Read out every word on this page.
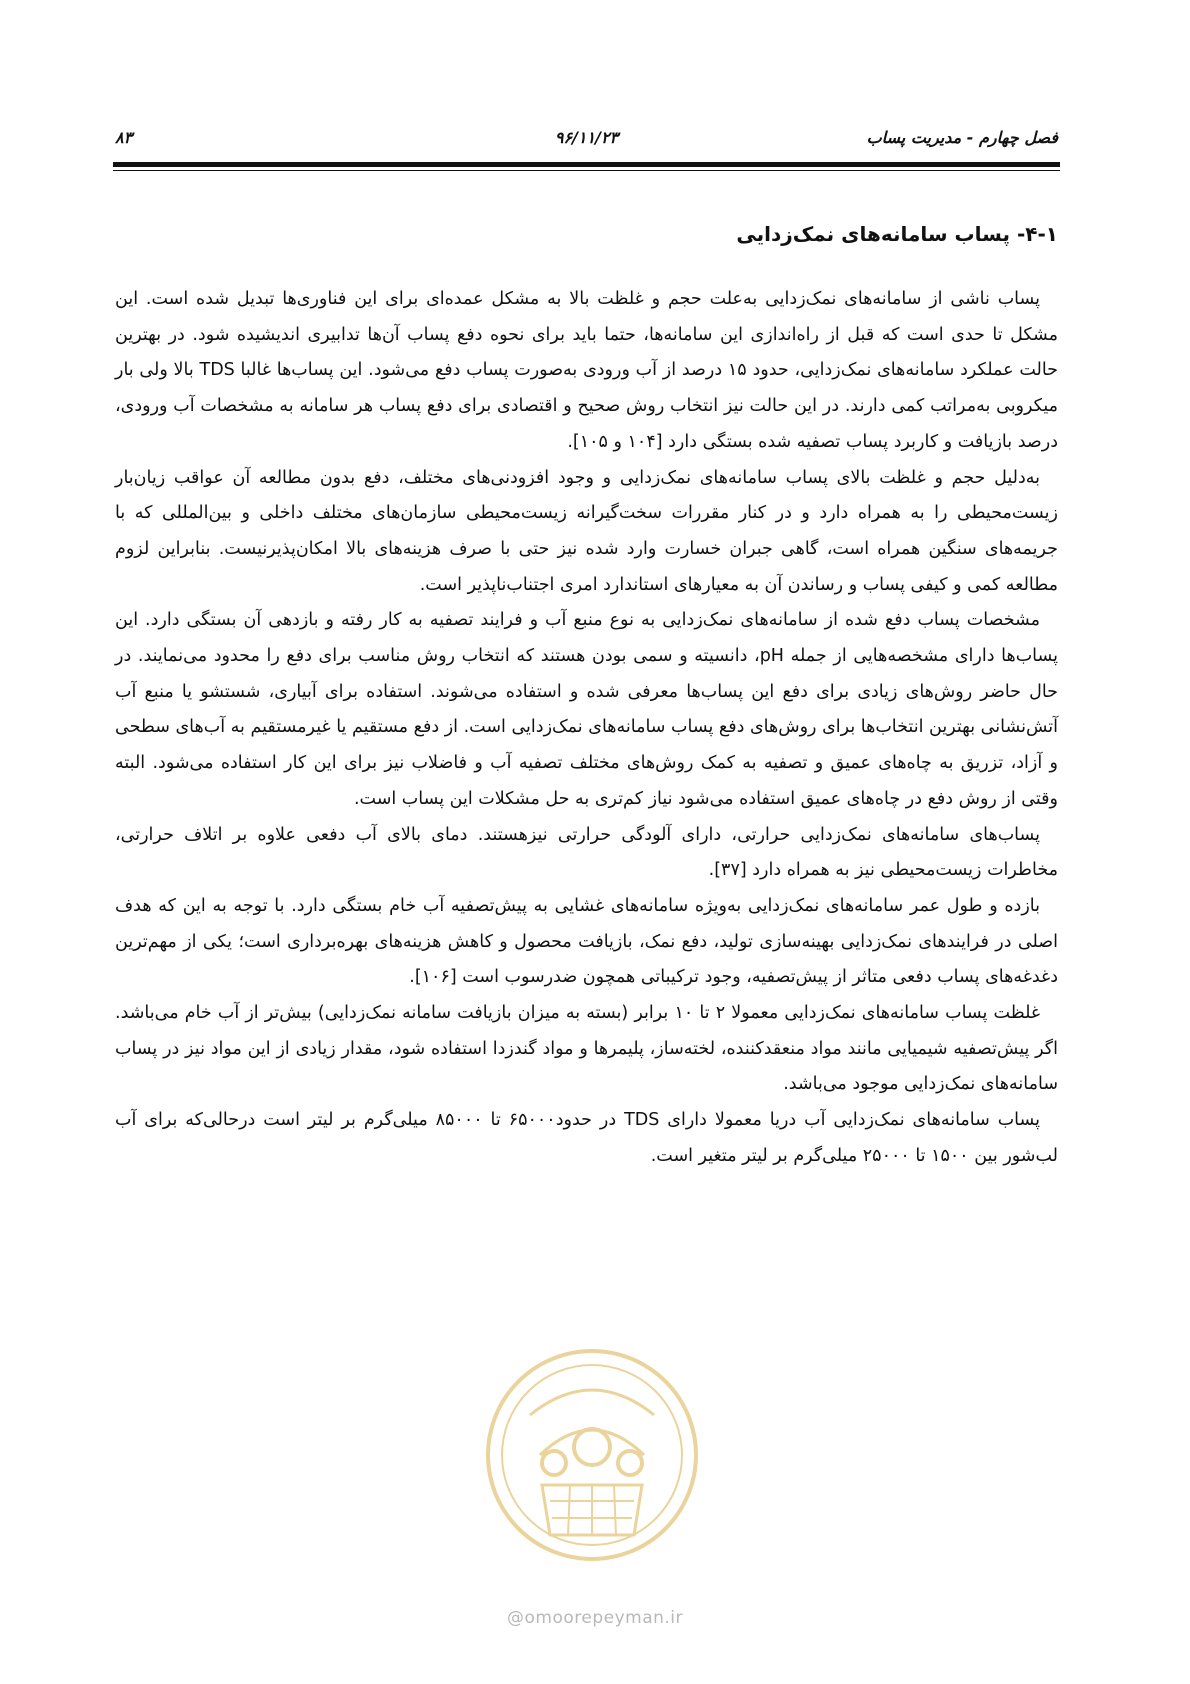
۸۳	۹۶/۱۱/۲۳	فصل چهارم - مدیریت پساب
۴-۱- پساب سامانه‌های نمک‌زدایی

پساب ناشی از سامانه‌های نمک‌زدایی به‌علت حجم و غلظت بالا به مشکل عمده‌ای برای این فناوری‌ها تبدیل شده است. این مشکل تا حدی است که قبل از راه‌اندازی این سامانه‌ها، حتما باید برای نحوه دفع پساب آن‌ها تدابیری اندیشیده شود. در بهترین حالت عملکرد سامانه‌های نمک‌زدایی، حدود ۱۵ درصد از آب ورودی به‌صورت پساب دفع می‌شود. این پساب‌ها غالبا TDS بالا ولی بار میکروبی به‌مراتب کمی دارند. در این حالت نیز انتخاب روش صحیح و اقتصادی برای دفع پساب هر سامانه به مشخصات آب ورودی، درصد بازیافت و کاربرد پساب تصفیه شده بستگی دارد [۱۰۴ و ۱۰۵].

به‌دلیل حجم و غلظت بالای پساب سامانه‌های نمک‌زدایی و وجود افزودنی‌های مختلف، دفع بدون مطالعه آن عواقب زیان‌بار زیست‌محیطی را به همراه دارد و در کنار مقررات سخت‌گیرانه زیست‌محیطی سازمان‌های مختلف داخلی و بین‌المللی که با جریمه‌های سنگین همراه است، گاهی جبران خسارت وارد شده نیز حتی با صرف هزینه‌های بالا امکان‌پذیرنیست. بنابراین لزوم مطالعه کمی و کیفی پساب و رساندن آن به معیارهای استاندارد امری اجتناب‌ناپذیر است.

مشخصات پساب دفع شده از سامانه‌های نمک‌زدایی به نوع منبع آب و فرایند تصفیه به کار رفته و بازدهی آن بستگی دارد. این پساب‌ها دارای مشخصه‌هایی از جمله pH، دانسیته و سمی بودن هستند که انتخاب روش مناسب برای دفع را محدود می‌نمایند. در حال حاضر روش‌های زیادی برای دفع این پساب‌ها معرفی شده و استفاده می‌شوند. استفاده برای آبیاری، شستشو یا منبع آب آتش‌نشانی بهترین انتخاب‌ها برای روش‌های دفع پساب سامانه‌های نمک‌زدایی است. از دفع مستقیم یا غیرمستقیم به آب‌های سطحی و آزاد، تزریق به چاه‌های عمیق و تصفیه به کمک روش‌های مختلف تصفیه آب و فاضلاب نیز برای این کار استفاده می‌شود. البته وقتی از روش دفع در چاه‌های عمیق استفاده می‌شود نیاز کم‌تری به حل مشکلات این پساب است.

پساب‌های سامانه‌های نمک‌زدایی حرارتی، دارای آلودگی حرارتی نیزهستند. دمای بالای آب دفعی علاوه بر اتلاف حرارتی، مخاطرات زیست‌محیطی نیز به همراه دارد [۳۷].

بازده و طول عمر سامانه‌های نمک‌زدایی به‌ویژه سامانه‌های غشایی به پیش‌تصفیه آب خام بستگی دارد. با توجه به این که هدف اصلی در فرایندهای نمک‌زدایی بهینه‌سازی تولید، دفع نمک، بازیافت محصول و کاهش هزینه‌های بهره‌برداری است؛ یکی از مهم‌ترین دغدغه‌های پساب دفعی متاثر از پیش‌تصفیه، وجود ترکیباتی همچون ضدرسوب است [۱۰۶].

غلظت پساب سامانه‌های نمک‌زدایی معمولا ۲ تا ۱۰ برابر (بسته به میزان بازیافت سامانه نمک‌زدایی) بیش‌تر از آب خام می‌باشد. اگر پیش‌تصفیه شیمیایی مانند مواد منعقدکننده، لخته‌ساز، پلیمرها و مواد گندزدا استفاده شود، مقدار زیادی از این مواد نیز در پساب سامانه‌های نمک‌زدایی موجود می‌باشد.

پساب سامانه‌های نمک‌زدایی آب دریا معمولا دارای TDS در حدود۶۵۰۰۰ تا ۸۵۰۰۰ میلی‌گرم بر لیتر است درحالی‌که برای آب لب‌شور بین ۱۵۰۰ تا ۲۵۰۰۰ میلی‌گرم بر لیتر متغیر است.

@omoorepeyman.ir
